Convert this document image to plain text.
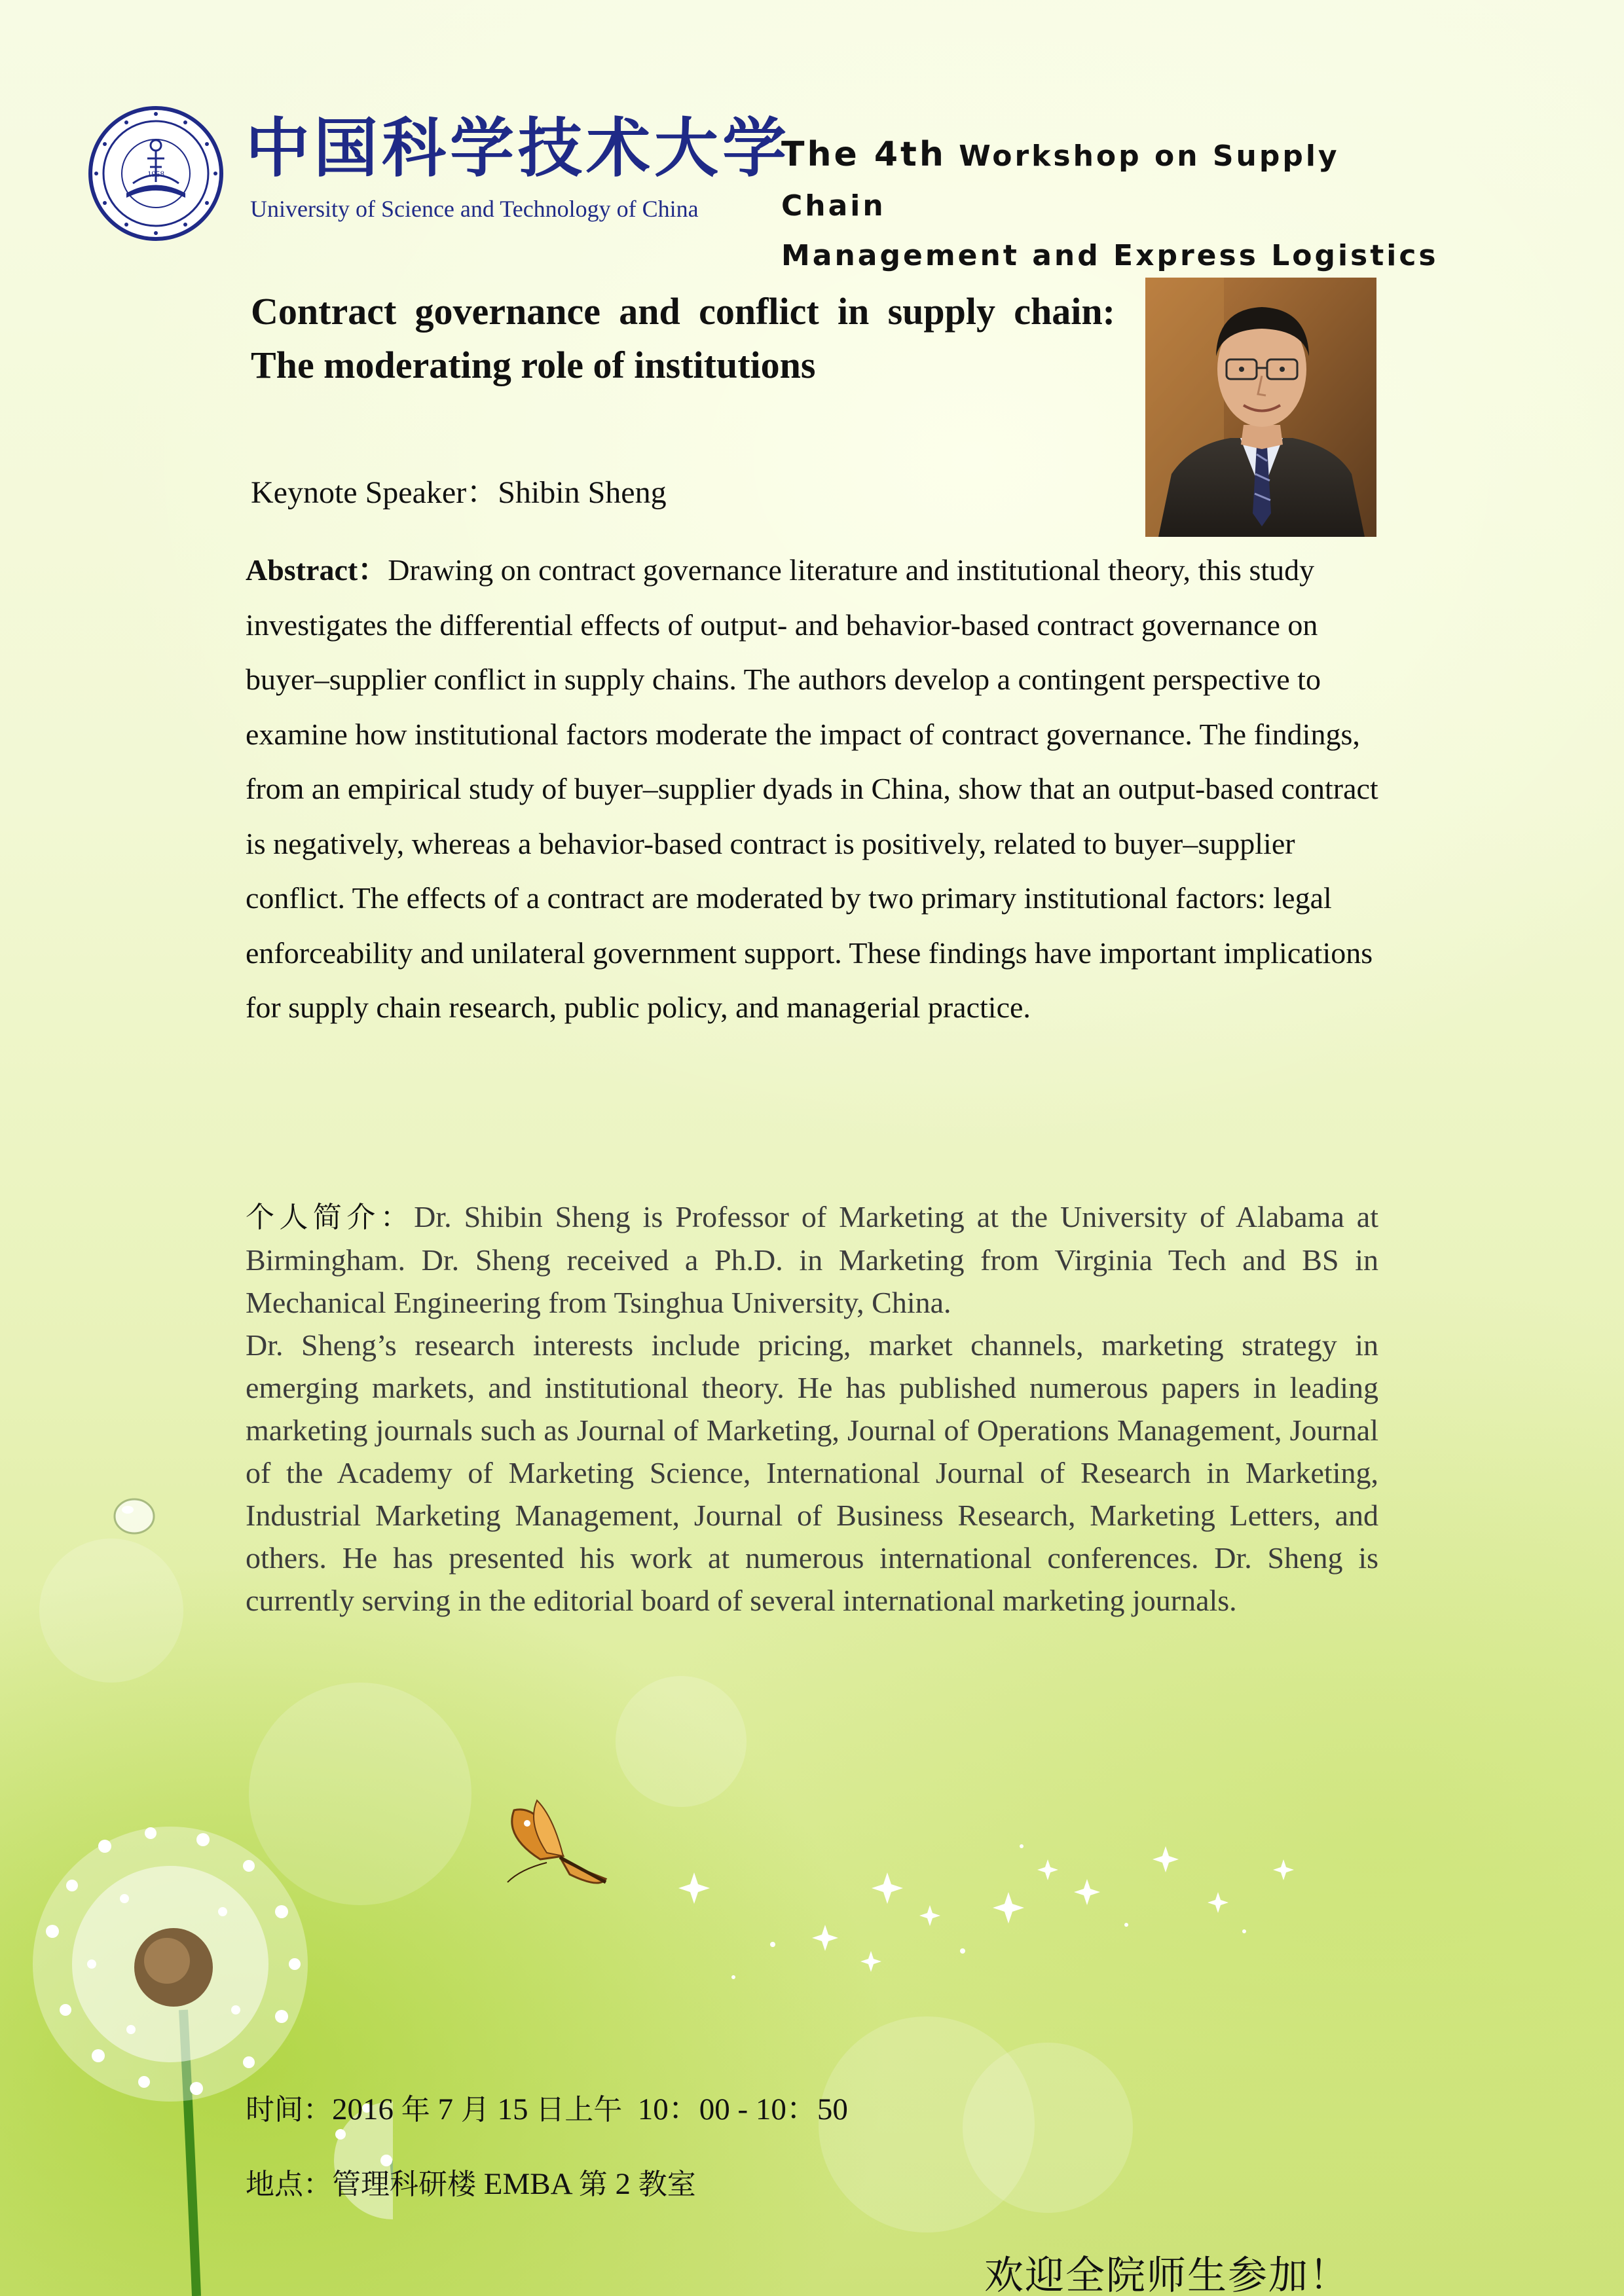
1958 中国科学技术大学
University of Science and Technology of China
The 4th Workshop on Supply Chain
Management and Express Logistics
Contract governance and conflict in supply chain:
The moderating role of institutions
Keynote Speaker：Shibin Sheng

Abstract：Drawing on contract governance literature and institutional theory, this study investigates the differential effects of output- and behavior-based contract governance on buyer–supplier conflict in supply chains. The authors develop a contingent perspective to examine how institutional factors moderate the impact of contract governance. The findings, from an empirical study of buyer–supplier dyads in China, show that an output-based contract is negatively, whereas a behavior-based contract is positively, related to buyer–supplier conflict. The effects of a contract are moderated by two primary institutional factors: legal enforceability and unilateral government support. These findings have important implications for supply chain research, public policy, and managerial practice.

个人简介：Dr. Shibin Sheng is Professor of Marketing at the University of Alabama at Birmingham. Dr. Sheng received a Ph.D. in Marketing from Virginia Tech and BS in Mechanical Engineering from Tsinghua University, China.
Dr. Sheng’s research interests include pricing, market channels, marketing strategy in emerging markets, and institutional theory. He has published numerous papers in leading marketing journals such as Journal of Marketing, Journal of Operations Management, Journal of the Academy of Marketing Science, International Journal of Research in Marketing, Industrial Marketing Management, Journal of Business Research, Marketing Letters, and others. He has presented his work at numerous international conferences. Dr. Sheng is currently serving in the editorial board of several international marketing journals.

时间：2016 年 7 月 15 日上午 10：00 - 10：50
地点：管理科研楼 EMBA 第 2 教室
欢迎全院师生参加！
